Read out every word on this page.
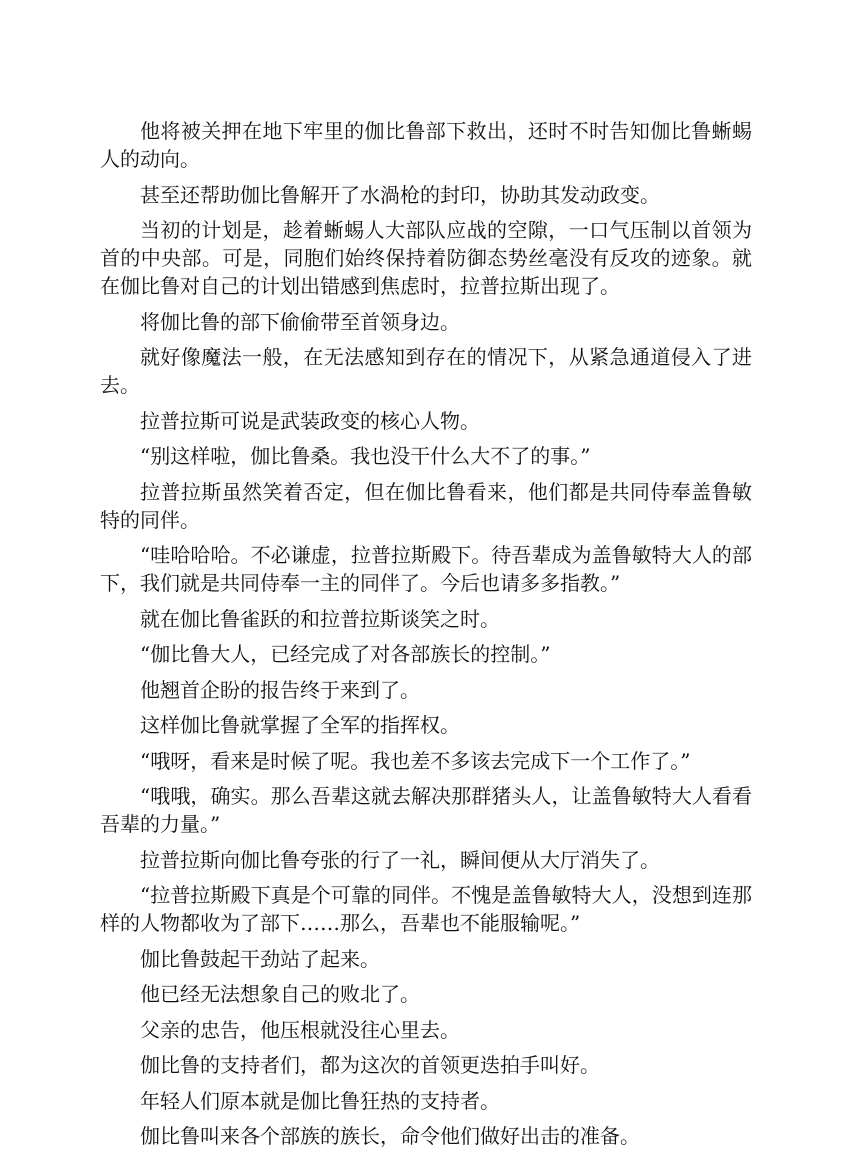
他将被关押在地下牢里的伽比鲁部下救出，还时不时告知伽比鲁蜥蜴人的动向。

甚至还帮助伽比鲁解开了水渦枪的封印，协助其发动政变。

当初的计划是，趁着蜥蜴人大部队应战的空隙，一口气压制以首领为首的中央部。可是，同胞们始终保持着防御态势丝毫没有反攻的迹象。就在伽比鲁对自己的计划出错感到焦虑时，拉普拉斯出现了。

将伽比鲁的部下偷偷带至首领身边。

就好像魔法一般，在无法感知到存在的情况下，从紧急通道侵入了进去。

拉普拉斯可说是武装政变的核心人物。

“别这样啦，伽比鲁桑。我也没干什么大不了的事。”

拉普拉斯虽然笑着否定，但在伽比鲁看来，他们都是共同侍奉盖鲁敏特的同伴。

“哇哈哈哈。不必谦虚，拉普拉斯殿下。待吾辈成为盖鲁敏特大人的部下，我们就是共同侍奉一主的同伴了。今后也请多多指教。”

就在伽比鲁雀跃的和拉普拉斯谈笑之时。

“伽比鲁大人，已经完成了对各部族长的控制。”

他翘首企盼的报告终于来到了。

这样伽比鲁就掌握了全军的指挥权。

“哦呀，看来是时候了呢。我也差不多该去完成下一个工作了。”

“哦哦，确实。那么吾辈这就去解决那群猪头人，让盖鲁敏特大人看看吾辈的力量。”

拉普拉斯向伽比鲁夸张的行了一礼，瞬间便从大厅消失了。

“拉普拉斯殿下真是个可靠的同伴。不愧是盖鲁敏特大人，没想到连那样的人物都收为了部下……那么，吾辈也不能服输呢。”

伽比鲁鼓起干劲站了起来。

他已经无法想象自己的败北了。

父亲的忠告，他压根就没往心里去。

伽比鲁的支持者们，都为这次的首领更迭拍手叫好。

年轻人们原本就是伽比鲁狂热的支持者。

伽比鲁叫来各个部族的族长，命令他们做好出击的准备。
